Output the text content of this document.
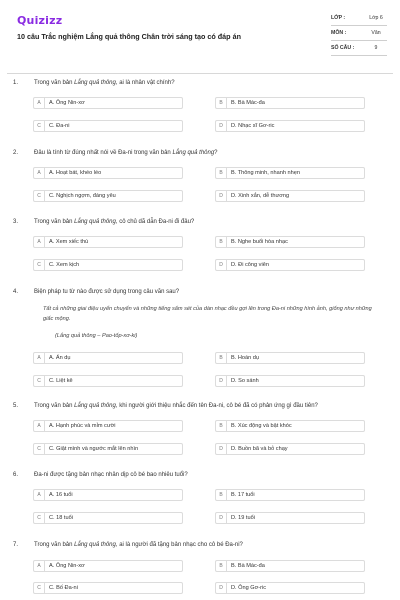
Quizizz
10 câu Trắc nghiệm Lắng quả thông Chân trời sáng tạo có đáp án
LỚP :	Lớp 6
MÔN :	Văn
SỐ CÂU :	9
1.	Trong văn bản Lắng quả thông, ai là nhân vật chính?
A	A. Ông Nin-xơ	B	B. Bà Mác-đa
C	C. Đa-ni	D	D. Nhạc sĩ Gơ-ric
2.	Đâu là tính từ đúng nhất nói về Đa-ni trong văn bản Lắng quả thông?
A	A. Hoạt bát, khéo léo	B	B. Thông minh, nhanh nhẹn
C	C. Nghịch ngợm, đáng yêu	D	D. Xinh xắn, dễ thương
3.	Trong văn bản Lắng quả thông, cô chủ dã dẫn Đa-ni đi đâu?
A	A. Xem xiếc thú	B	B. Nghe buổi hòa nhạc
C	C. Xem kịch	D	D. Đi công viên
4.	Biện pháp tu từ nào được sử dụng trong câu văn sau?
Tất cả những giai điệu uyển chuyển và những tiếng sấm sét của dàn nhạc đều gợi lên trong Đa-ni những hình ảnh, giống như những giấc mộng.
(Lắng quả thông – Pao-tốp-xơ-ki)
A	A. Ẩn dụ	B	B. Hoán dụ
C	C. Liệt kê	D	D. So sánh
5.	Trong văn bản Lắng quả thông, khi người giới thiệu nhắc đến tên Đa-ni, cô bé đã có phản ứng gì đầu tiên?
A	A. Hạnh phúc và mỉm cười	B	B. Xúc động và bật khóc
C	C. Giật mình và ngước mắt lên nhìn	D	D. Buồn bã và bỏ chạy
6.	Đa-ni được tặng bản nhạc nhân dịp cô bé bao nhiêu tuổi?
A	A. 16 tuổi	B	B. 17 tuổi
C	C. 18 tuổi	D	D. 19 tuổi
7.	Trong văn bản Lắng quả thông, ai là người đã tặng bản nhạc cho cô bé Đa-ni?
A	A. Ông Nin-xơ	B	B. Bà Mác-đa
C	C. Bố Đa-ni	D	D. Ông Gơ-ric
